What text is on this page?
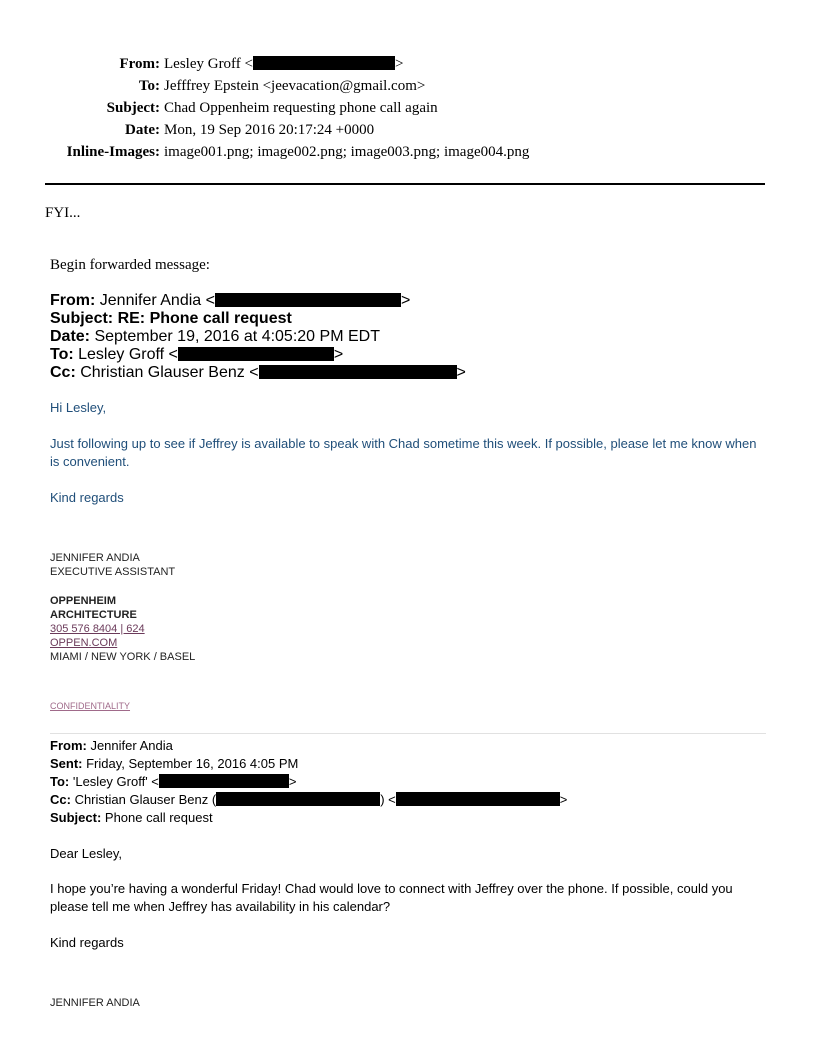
From: Lesley Groff <	>
To: Jefffrey Epstein <jeevacation@gmail.com>
Subject: Chad Oppenheim requesting phone call again
Date: Mon, 19 Sep 2016 20:17:24 +0000
Inline-Images: image001.png; image002.png; image003.png; image004.png
FYI...
Begin forwarded message:
From: Jennifer Andia <	>
Subject: RE: Phone call request
Date: September 19, 2016 at 4:05:20 PM EDT
To: Lesley Groff <	>
Cc: Christian Glauser Benz <	>
Hi Lesley,
Just following up to see if Jeffrey is available to speak with Chad sometime this week. If possible, please let me know when is convenient.
Kind regards
JENNIFER ANDIA
EXECUTIVE ASSISTANT
OPPENHEIM
ARCHITECTURE
305 576 8404 | 624
OPPEN.COM
MIAMI / NEW YORK / BASEL
CONFIDENTIALITY
From: Jennifer Andia
Sent: Friday, September 16, 2016 4:05 PM
To: 'Lesley Groff' <	>
Cc: Christian Glauser Benz (	) <	>
Subject: Phone call request
Dear Lesley,
I hope you’re having a wonderful Friday! Chad would love to connect with Jeffrey over the phone. If possible, could you please tell me when Jeffrey has availability in his calendar?
Kind regards
JENNIFER ANDIA
